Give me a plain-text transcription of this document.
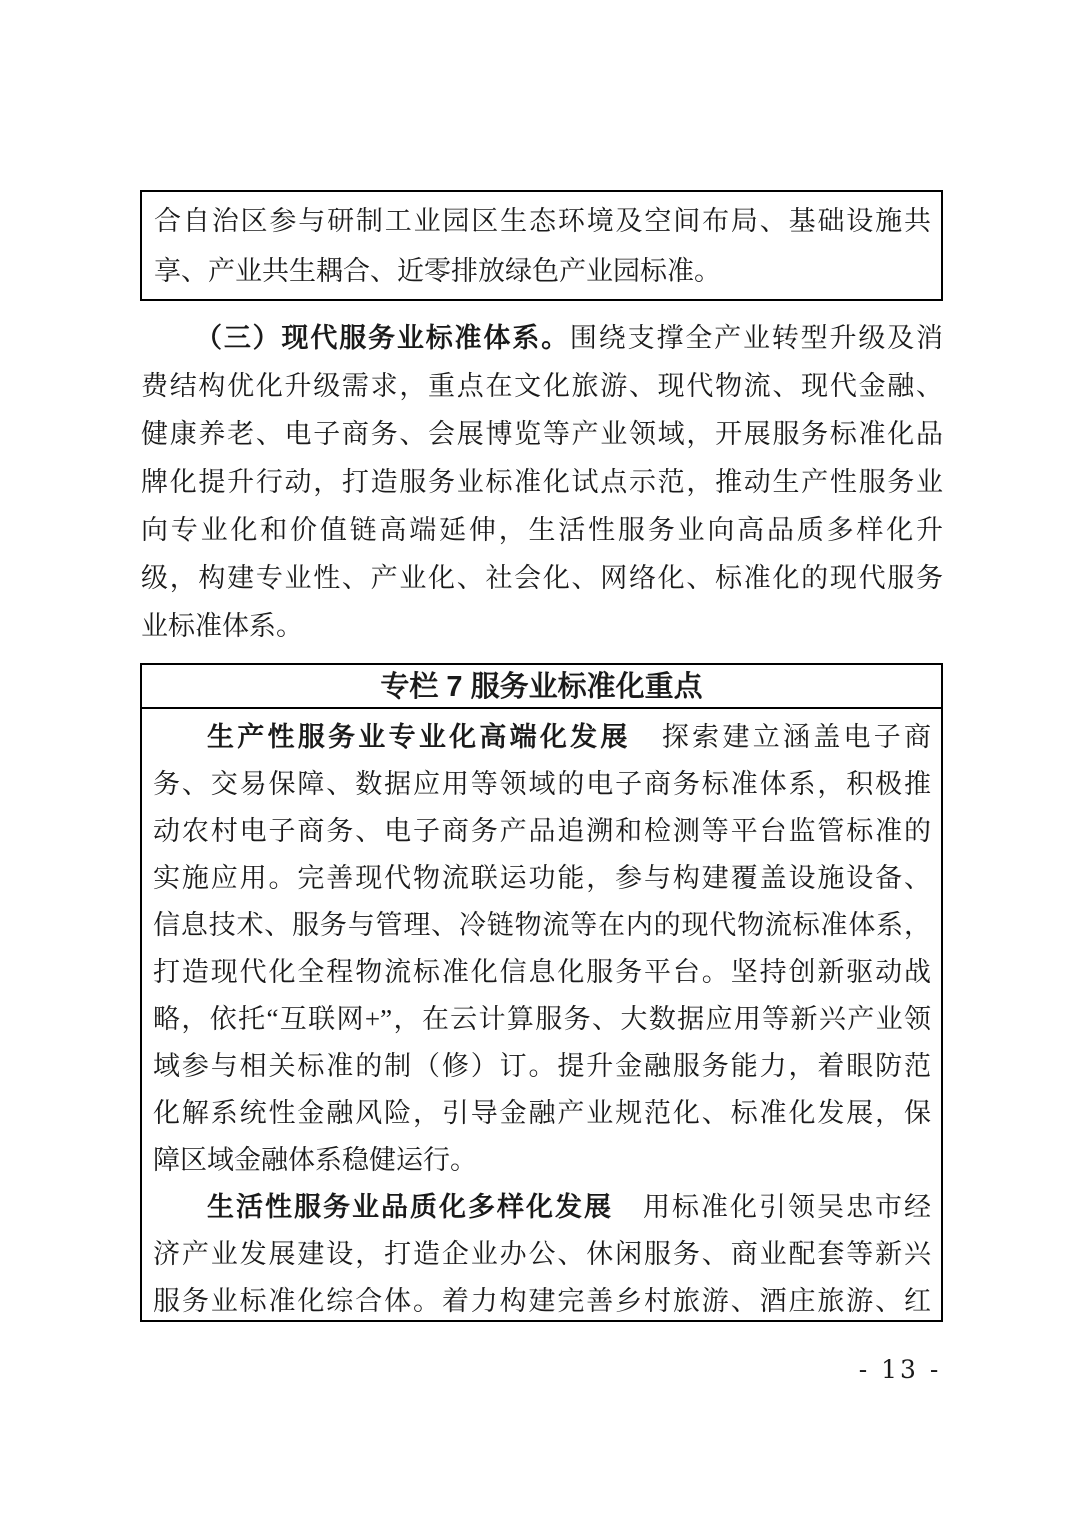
合自治区参与研制工业园区生态环境及空间布局、基础设施共
享、产业共生耦合、近零排放绿色产业园标准。
（三）现代服务业标准体系。围绕支撑全产业转型升级及消
费结构优化升级需求，重点在文化旅游、现代物流、现代金融、
健康养老、电子商务、会展博览等产业领域，开展服务标准化品
牌化提升行动，打造服务业标准化试点示范，推动生产性服务业
向专业化和价值链高端延伸，生活性服务业向高品质多样化升
级，构建专业性、产业化、社会化、网络化、标准化的现代服务
业标准体系。
专栏 7 服务业标准化重点
生产性服务业专业化高端化发展 探索建立涵盖电子商
务、交易保障、数据应用等领域的电子商务标准体系，积极推
动农村电子商务、电子商务产品追溯和检测等平台监管标准的
实施应用。完善现代物流联运功能，参与构建覆盖设施设备、
信息技术、服务与管理、冷链物流等在内的现代物流标准体系，
打造现代化全程物流标准化信息化服务平台。坚持创新驱动战
略，依托“互联网+”，在云计算服务、大数据应用等新兴产业领
域参与相关标准的制（修）订。提升金融服务能力，着眼防范
化解系统性金融风险，引导金融产业规范化、标准化发展，保
障区域金融体系稳健运行。
生活性服务业品质化多样化发展 用标准化引领吴忠市经
济产业发展建设，打造企业办公、休闲服务、商业配套等新兴
服务业标准化综合体。着力构建完善乡村旅游、酒庄旅游、红
- 13 -
